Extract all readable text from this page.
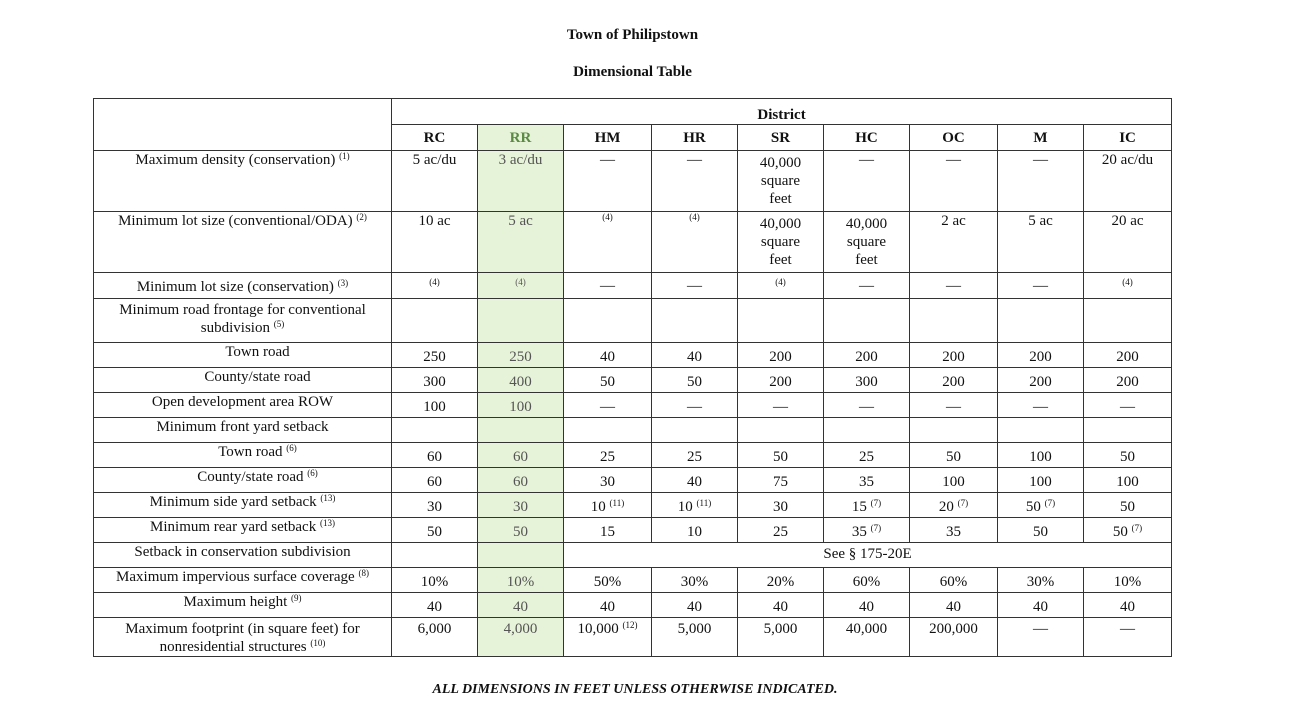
Town of Philipstown
Dimensional Table
	District								
	RC	RR	HM	HR	SR	HC	OC	M	IC
Maximum density (conservation) $^{(1)}$	5 ac/du	3 ac/du	—	—	40,000 square feet	—	—	—	20 ac/du
Minimum lot size (conventional/ODA) $^{(2)}$	10 ac	5 ac	$^{(4)}$	$^{(4)}$	40,000 square feet	40,000 square feet	2 ac	5 ac	20 ac
Minimum lot size (conservation) $^{(3)}$	$^{(4)}$	$^{(4)}$	—	—	$^{(4)}$	—	—	—	$^{(4)}$
Minimum road frontage for conventional subdivision $^{(5)}$									
Town road	250	250	40	40	200	200	200	200	200
County/state road	300	400	50	50	200	300	200	200	200
Open development area ROW	100	100	—	—	—	—	—	—	—
Minimum front yard setback									
Town road $^{(6)}$	60	60	25	25	50	25	50	100	50
County/state road $^{(6)}$	60	60	30	40	75	35	100	100	100
Minimum side yard setback $^{(13)}$	30	30	10 $^{(11)}$	10 $^{(11)}$	30	15 $^{(7)}$	20 $^{(7)}$	50 $^{(7)}$	50
Minimum rear yard setback $^{(13)}$	50	50	15	10	25	35 $^{(7)}$	35	50	50 $^{(7)}$
Setback in conservation subdivision			See § 175-20E						
Maximum impervious surface coverage $^{(8)}$	10%	10%	50%	30%	20%	60%	60%	30%	10%
Maximum height $^{(9)}$	40	40	40	40	40	40	40	40	40
Maximum footprint (in square feet) for nonresidential structures $^{(10)}$	6,000	4,000	10,000 $^{(12)}$	5,000	5,000	40,000	200,000	—	—
ALL DIMENSIONS IN FEET UNLESS OTHERWISE INDICATED.
